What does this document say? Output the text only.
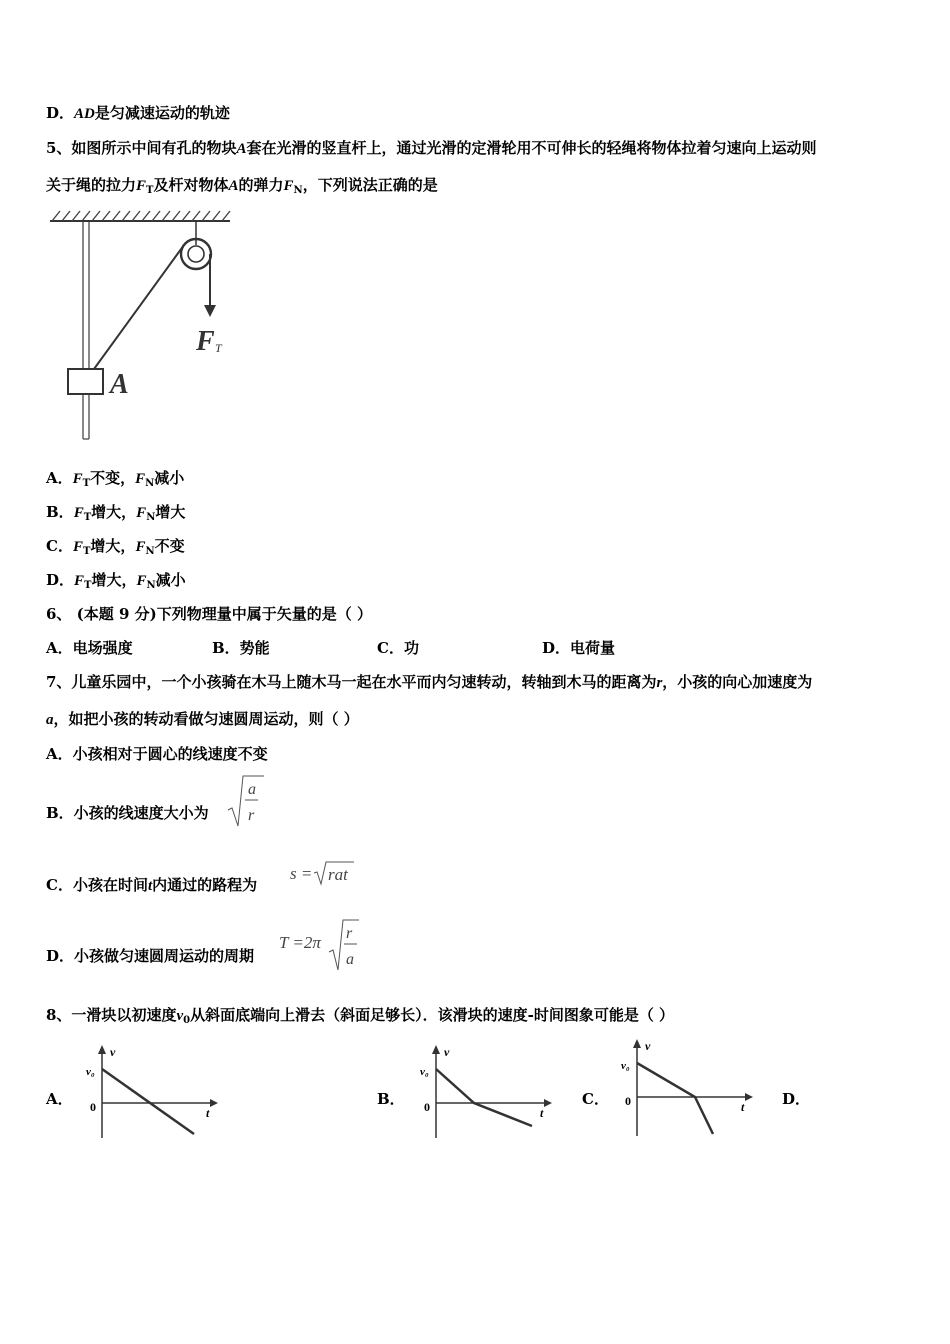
D．AD是匀减速运动的轨迹
5、如图所示中间有孔的物块A套在光滑的竖直杆上，通过光滑的定滑轮用不可伸长的轻绳将物体拉着匀速向上运动则
关于绳的拉力$F_T$及杆对物体A的弹力$F_N$，下列说法正确的是
F T
A
A．$F_T$不变，$F_N$减小
B．$F_T$增大，$F_N$增大
C．$F_T$增大，$F_N$不变
D．$F_T$增大，$F_N$减小
6、 (本题 9 分)下列物理量中属于矢量的是（ ）
A．电场强度	B．势能	C．功	D．电荷量
7、儿童乐园中，一个小孩骑在木马上随木马一起在水平而内匀速转动，转轴到木马的距离为r，小孩的向心加速度为
a，如把小孩的转动看做匀速圆周运动，则（ ）
A．小孩相对于圆心的线速度不变
B．小孩的线速度大小为
a
r
C．小孩在时间t内通过的路程为
s = rat
D．小孩做匀速圆周运动的周期
T =2π r
a
8、一滑块以初速度$v_0$从斜面底端向上滑去（斜面足够长）．该滑块的速度-时间图象可能是（ ）
A．	B．	C．	D．
v
v₀
0	t
v
v₀
0	t
v
v₀
0	t
